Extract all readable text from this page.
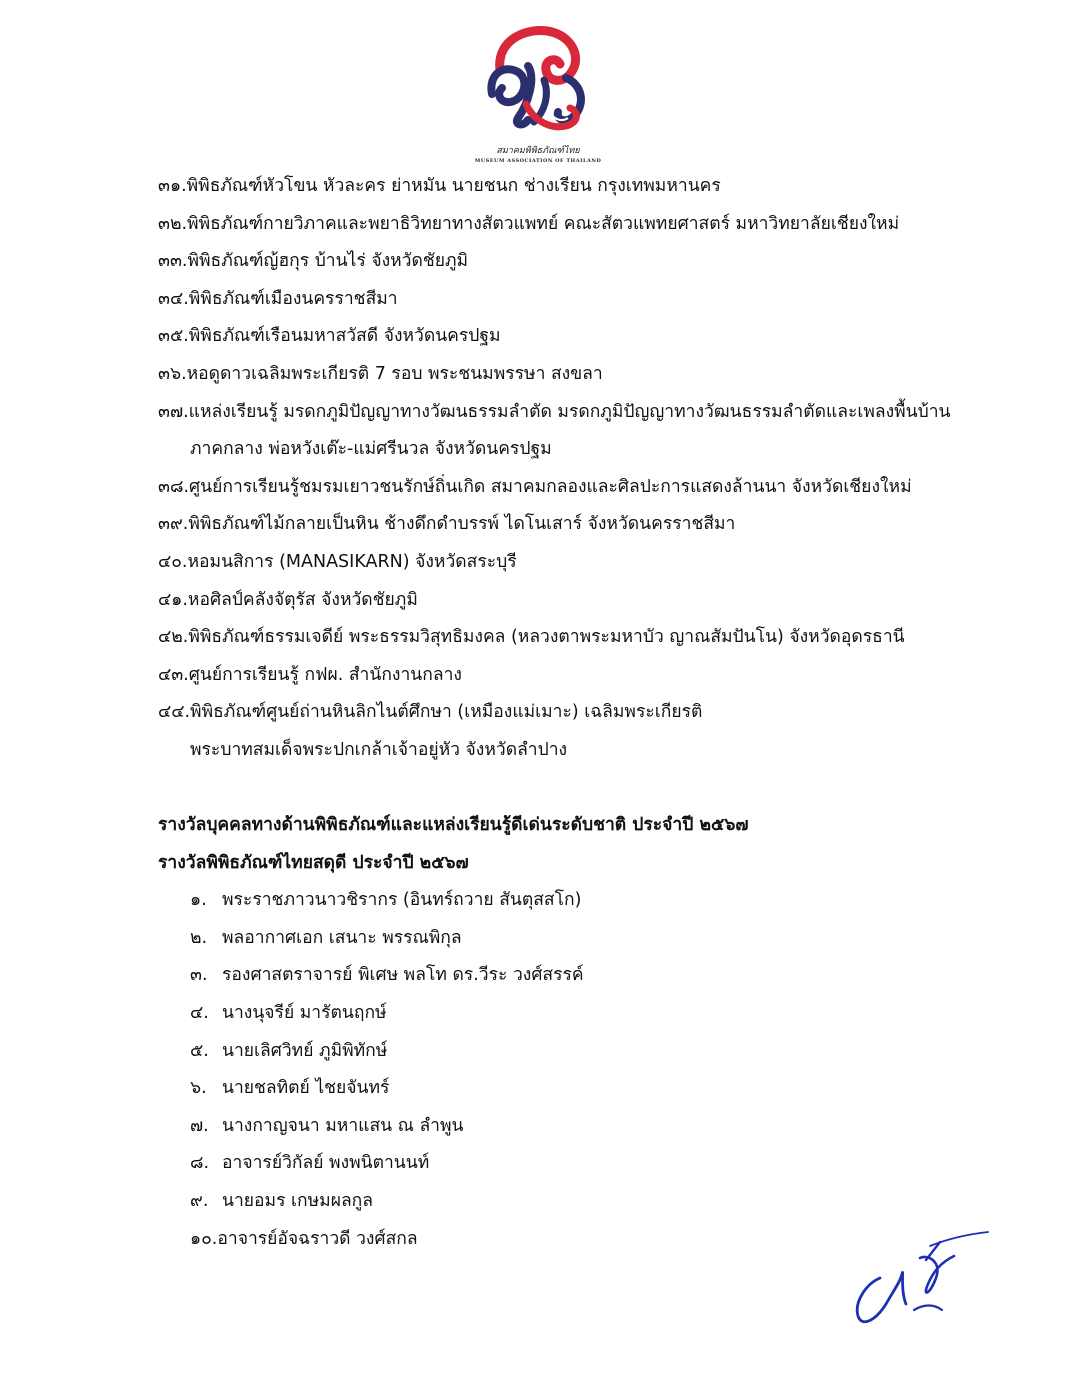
สมาคมพิพิธภัณฑ์ไทย
MUSEUM ASSOCIATION OF THAILAND
๓๑.พิพิธภัณฑ์หัวโขน หัวละคร ย่าหมัน นายชนก ช่างเรียน กรุงเทพมหานคร
๓๒.พิพิธภัณฑ์กายวิภาคและพยาธิวิทยาทางสัตวแพทย์ คณะสัตวแพทยศาสตร์ มหาวิทยาลัยเชียงใหม่
๓๓.พิพิธภัณฑ์ญ้ฮกุร บ้านไร่ จังหวัดชัยภูมิ
๓๔.พิพิธภัณฑ์เมืองนครราชสีมา
๓๕.พิพิธภัณฑ์เรือนมหาสวัสดี จังหวัดนครปฐม
๓๖.หอดูดาวเฉลิมพระเกียรติ 7 รอบ พระชนมพรรษา สงขลา
๓๗.แหล่งเรียนรู้ มรดกภูมิปัญญาทางวัฒนธรรมลำตัด มรดกภูมิปัญญาทางวัฒนธรรมลำตัดและเพลงพื้นบ้าน
ภาคกลาง พ่อหวังเต๊ะ-แม่ศรีนวล จังหวัดนครปฐม
๓๘.ศูนย์การเรียนรู้ชมรมเยาวชนรักษ์ถิ่นเกิด สมาคมกลองและศิลปะการแสดงล้านนา จังหวัดเชียงใหม่
๓๙.พิพิธภัณฑ์ไม้กลายเป็นหิน ช้างดึกดำบรรพ์ ไดโนเสาร์ จังหวัดนครราชสีมา
๔๐.หอมนสิการ (MANASIKARN) จังหวัดสระบุรี
๔๑.หอศิลป์คลังจัตุรัส จังหวัดชัยภูมิ
๔๒.พิพิธภัณฑ์ธรรมเจดีย์ พระธรรมวิสุทธิมงคล (หลวงตาพระมหาบัว ญาณสัมปันโน) จังหวัดอุดรธานี
๔๓.ศูนย์การเรียนรู้ กฟผ. สำนักงานกลาง
๔๔.พิพิธภัณฑ์ศูนย์ถ่านหินลิกไนต์ศึกษา (เหมืองแม่เมาะ) เฉลิมพระเกียรติ
พระบาทสมเด็จพระปกเกล้าเจ้าอยู่หัว จังหวัดลำปาง
รางวัลบุคคลทางด้านพิพิธภัณฑ์และแหล่งเรียนรู้ดีเด่นระดับชาติ ประจำปี ๒๕๖๗
รางวัลพิพิธภัณฑ์ไทยสดุดี ประจำปี ๒๕๖๗
๑. พระราชภาวนาวชิรากร (อินทร์ถวาย สันตุสสโก)
๒. พลอากาศเอก เสนาะ พรรณพิกุล
๓. รองศาสตราจารย์ พิเศษ พลโท ดร.วีระ วงศ์สรรค์
๔. นางนุจรีย์ มารัตนฤกษ์
๕. นายเลิศวิทย์ ภูมิพิทักษ์
๖. นายชลทิตย์ ไชยจันทร์
๗. นางกาญจนา มหาแสน ณ ลำพูน
๘. อาจารย์วิกัลย์ พงพนิตานนท์
๙. นายอมร เกษมผลกูล
๑๐.อาจารย์อัจฉราวดี วงศ์สกล
